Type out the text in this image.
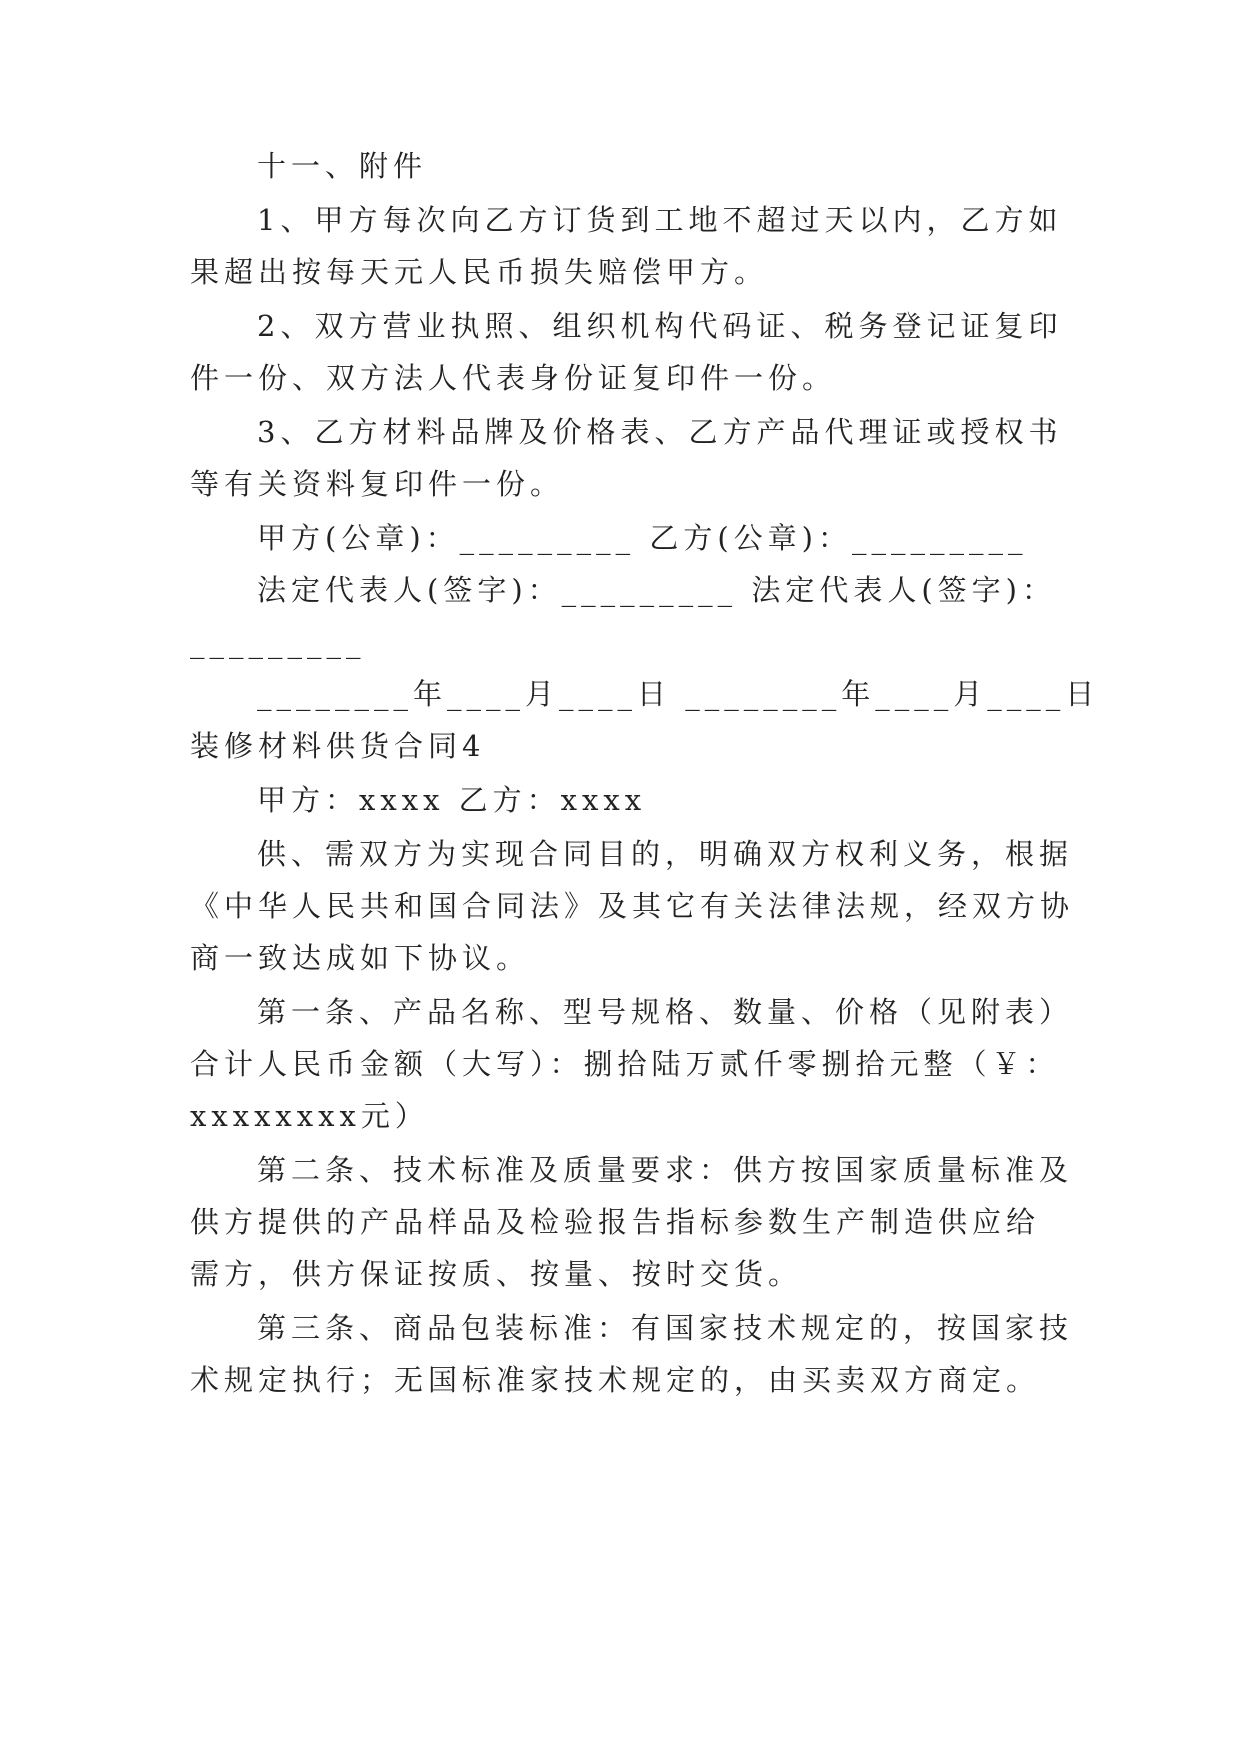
十一、附件
1、甲方每次向乙方订货到工地不超过天以内，乙方如
果超出按每天元人民币损失赔偿甲方。
2、双方营业执照、组织机构代码证、税务登记证复印
件一份、双方法人代表身份证复印件一份。
3、乙方材料品牌及价格表、乙方产品代理证或授权书
等有关资料复印件一份。
甲方(公章)：_________ 乙方(公章)：_________
法定代表人(签字)：_________ 法定代表人(签字)：
_________
________年____月____日 ________年____月____日
装修材料供货合同4
甲方：xxxx 乙方：xxxx
供、需双方为实现合同目的，明确双方权利义务，根据
《中华人民共和国合同法》及其它有关法律法规，经双方协
商一致达成如下协议。
第一条、产品名称、型号规格、数量、价格（见附表）
合计人民币金额（大写）：捌拾陆万贰仟零捌拾元整（￥：
xxxxxxxx元）
第二条、技术标准及质量要求：供方按国家质量标准及
供方提供的产品样品及检验报告指标参数生产制造供应给
需方，供方保证按质、按量、按时交货。
第三条、商品包装标准：有国家技术规定的，按国家技
术规定执行；无国标准家技术规定的，由买卖双方商定。
